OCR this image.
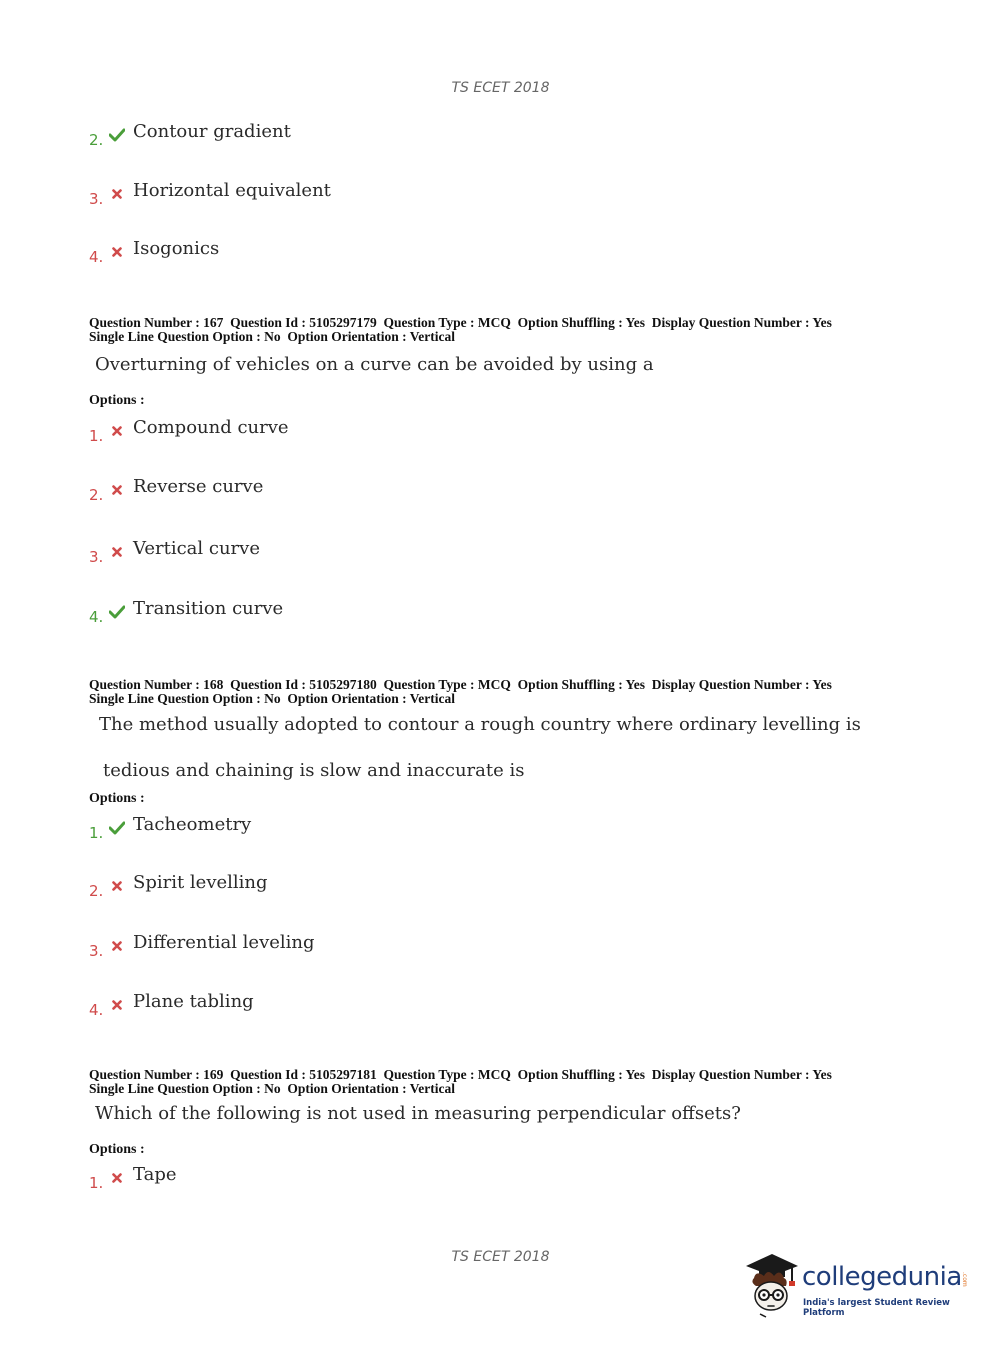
TS ECET 2018
2. Contour gradient
3. Horizontal equivalent
4. Isogonics
Question Number : 167  Question Id : 5105297179  Question Type : MCQ  Option Shuffling : Yes  Display Question Number : Yes
Single Line Question Option : No  Option Orientation : Vertical
Overturning of vehicles on a curve can be avoided by using a
Options :
1. Compound curve
2. Reverse curve
3. Vertical curve
4. Transition curve
Question Number : 168  Question Id : 5105297180  Question Type : MCQ  Option Shuffling : Yes  Display Question Number : Yes
Single Line Question Option : No  Option Orientation : Vertical
The method usually adopted to contour a rough country where ordinary levelling is
tedious and chaining is slow and inaccurate is
Options :
1. Tacheometry
2. Spirit levelling
3. Differential leveling
4. Plane tabling
Question Number : 169  Question Id : 5105297181  Question Type : MCQ  Option Shuffling : Yes  Display Question Number : Yes
Single Line Question Option : No  Option Orientation : Vertical
Which of the following is not used in measuring perpendicular offsets?
Options :
1. Tape
TS ECET 2018
collegedunia .com
India's largest Student Review Platform
